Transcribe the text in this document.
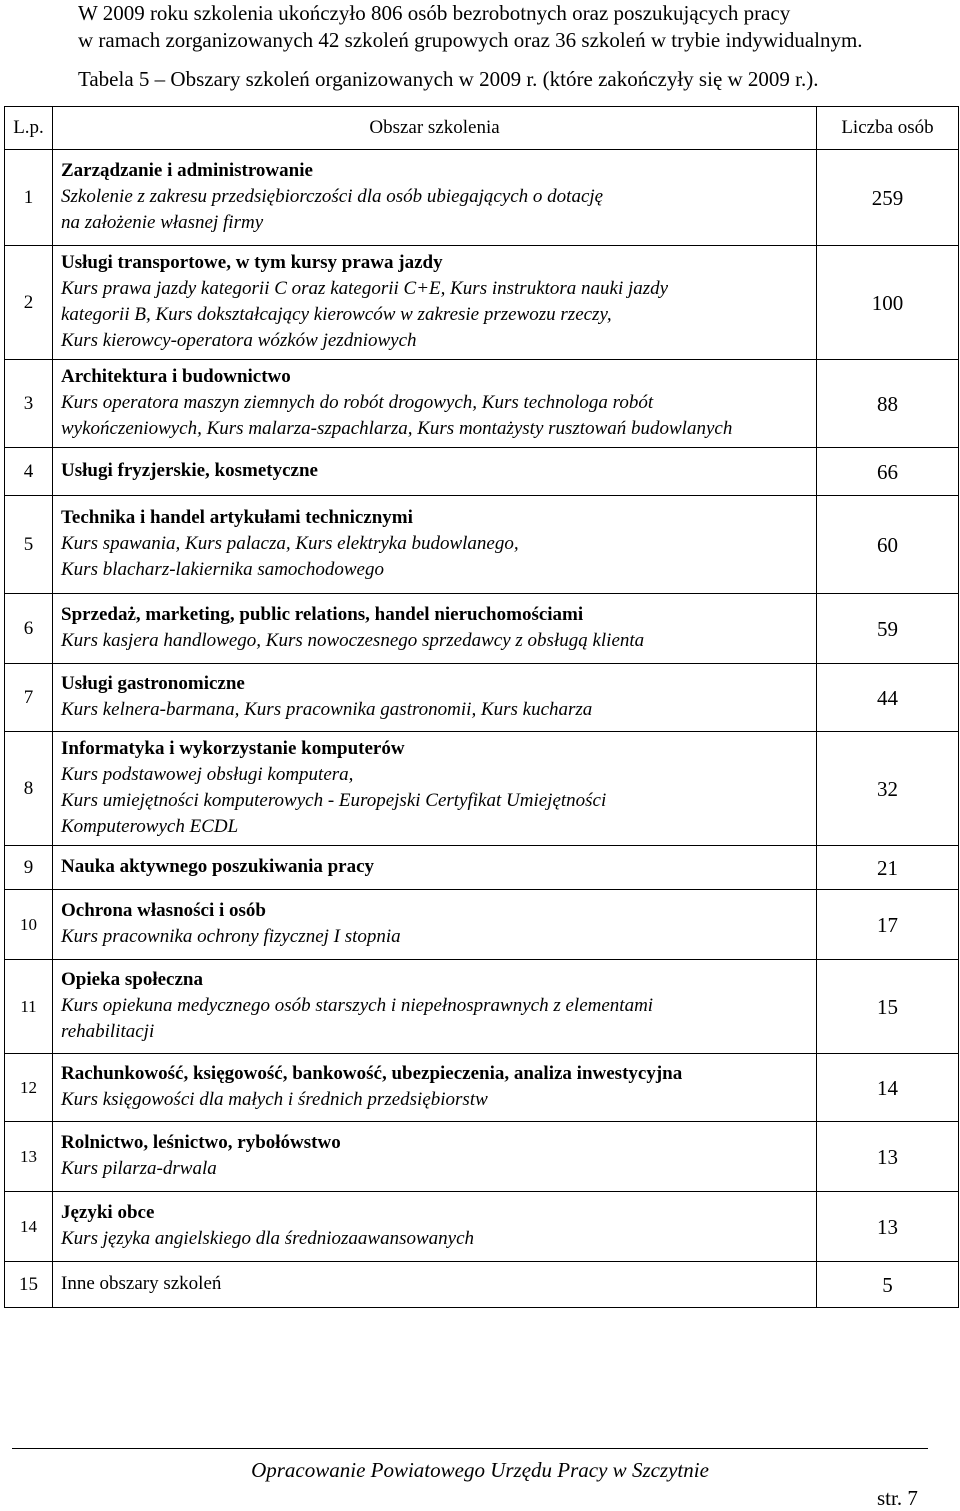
W 2009 roku szkolenia ukończyło 806 osób bezrobotnych oraz poszukujących pracy
w ramach zorganizowanych 42 szkoleń grupowych oraz 36 szkoleń w trybie indywidualnym.
Tabela 5 – Obszary szkoleń organizowanych w 2009 r. (które zakończyły się w 2009 r.).
L.p.	Obszar szkolenia	Liczba osób
1	Zarządzanie i administrowanie
Szkolenie z zakresu przedsiębiorczości dla osób ubiegających o dotację
na założenie własnej firmy	259
2	Usługi transportowe, w tym kursy prawa jazdy
Kurs prawa jazdy kategorii C oraz kategorii C+E, Kurs instruktora nauki jazdy
kategorii B, Kurs dokształcający kierowców w zakresie przewozu rzeczy,
Kurs kierowcy-operatora wózków jezdniowych	100
3	Architektura i budownictwo
Kurs operatora maszyn ziemnych do robót drogowych, Kurs technologa robót
wykończeniowych, Kurs malarza-szpachlarza, Kurs montażysty rusztowań budowlanych	88
4	Usługi fryzjerskie, kosmetyczne	66
5	Technika i handel artykułami technicznymi
Kurs spawania, Kurs palacza, Kurs elektryka budowlanego,
Kurs blacharz-lakiernika samochodowego	60
6	Sprzedaż, marketing, public relations, handel nieruchomościami
Kurs kasjera handlowego, Kurs nowoczesnego sprzedawcy z obsługą klienta	59
7	Usługi gastronomiczne
Kurs kelnera-barmana, Kurs pracownika gastronomii, Kurs kucharza	44
8	Informatyka i wykorzystanie komputerów
Kurs podstawowej obsługi komputera,
Kurs umiejętności komputerowych - Europejski Certyfikat Umiejętności
Komputerowych ECDL	32
9	Nauka aktywnego poszukiwania pracy	21
10	Ochrona własności i osób
Kurs pracownika ochrony fizycznej I stopnia	17
11	Opieka społeczna
Kurs opiekuna medycznego osób starszych i niepełnosprawnych z elementami
rehabilitacji	15
12	Rachunkowość, księgowość, bankowość, ubezpieczenia, analiza inwestycyjna
Kurs księgowości dla małych i średnich przedsiębiorstw	14
13	Rolnictwo, leśnictwo, rybołówstwo
Kurs pilarza-drwala	13
14	Języki obce
Kurs języka angielskiego dla średniozaawansowanych	13
15	Inne obszary szkoleń	5
Opracowanie Powiatowego Urzędu Pracy w Szczytnie
str. 7
